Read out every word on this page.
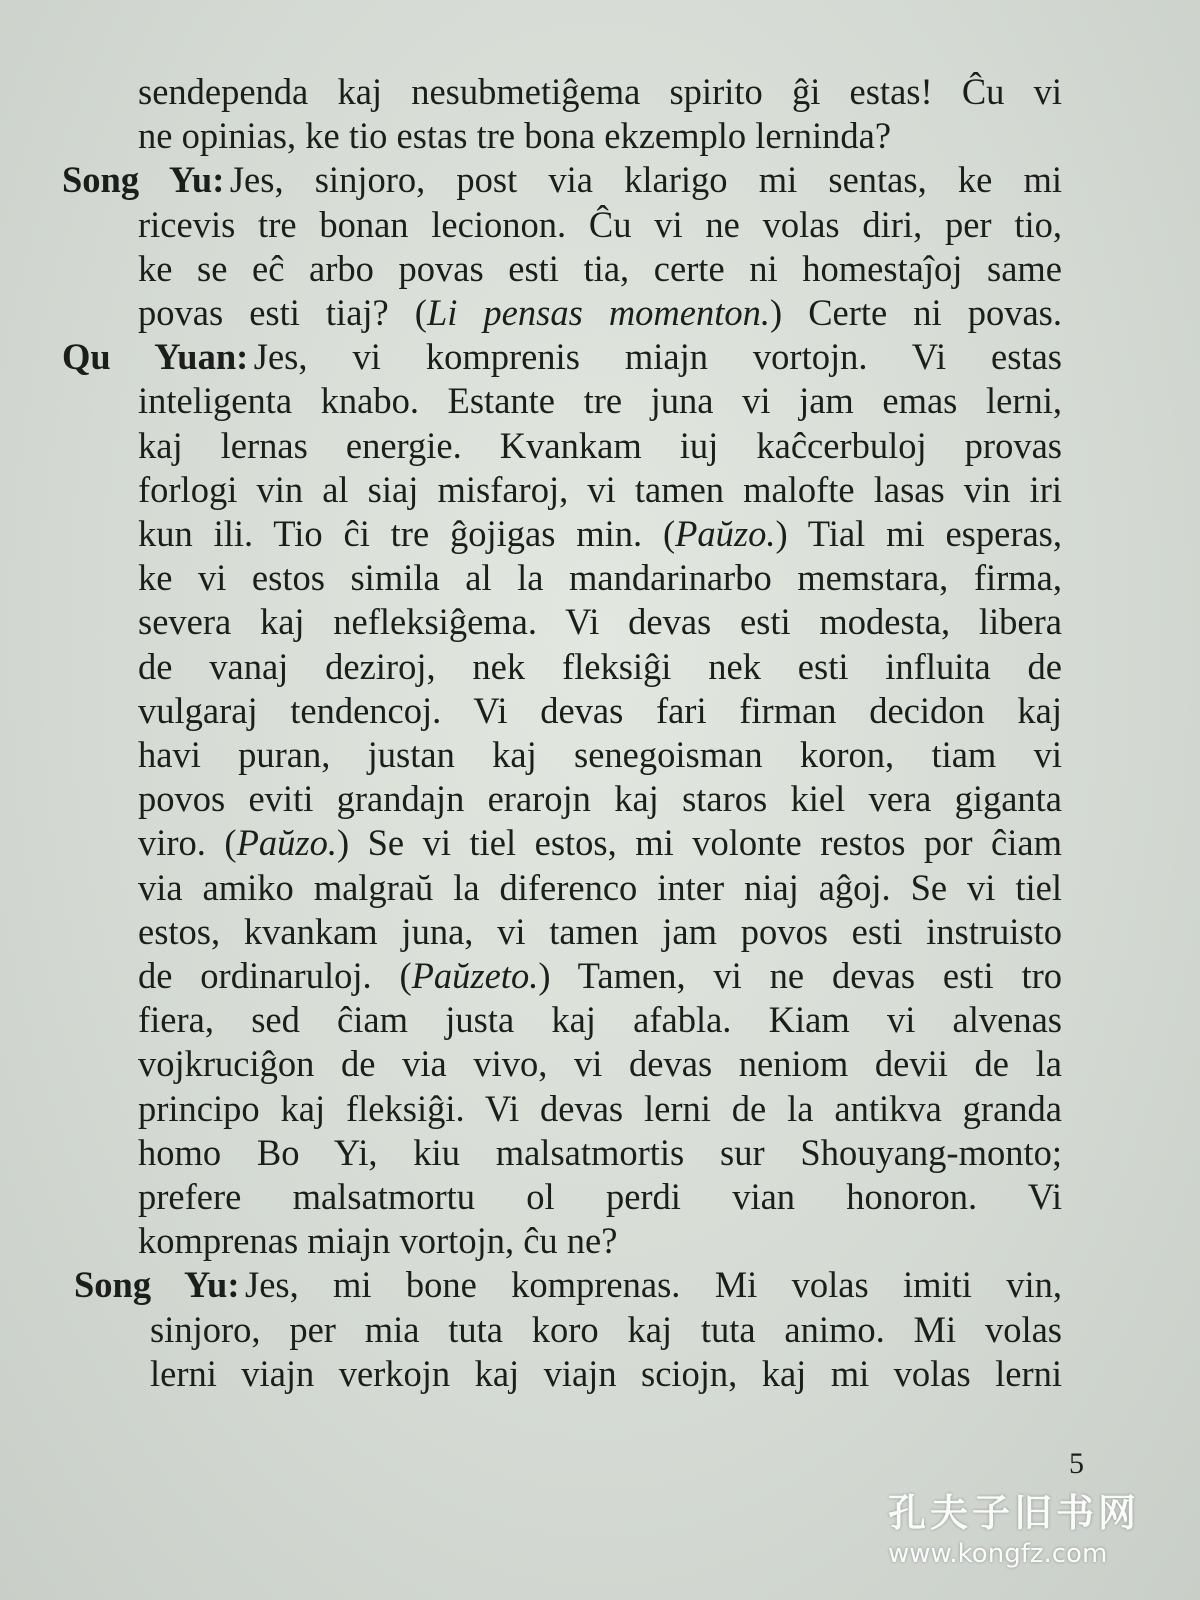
sendependa kaj nesubmetiĝema spirito ĝi estas! Ĉu vi
ne opinias, ke tio estas tre bona ekzemplo lerninda?
Song Yu: Jes, sinjoro, post via klarigo mi sentas, ke mi
ricevis tre bonan lecionon. Ĉu vi ne volas diri, per tio,
ke se eĉ arbo povas esti tia, certe ni homestaĵoj same
povas esti tiaj? (Li pensas momenton.) Certe ni povas.
Qu Yuan: Jes, vi komprenis miajn vortojn. Vi estas
inteligenta knabo. Estante tre juna vi jam emas lerni,
kaj lernas energie. Kvankam iuj kaĉcerbuloj provas
forlogi vin al siaj misfaroj, vi tamen malofte lasas vin iri
kun ili. Tio ĉi tre ĝojigas min. (Paŭzo.) Tial mi esperas,
ke vi estos simila al la mandarinarbo memstara, firma,
severa kaj nefleksiĝema. Vi devas esti modesta, libera
de vanaj deziroj, nek fleksiĝi nek esti influita de
vulgaraj tendencoj. Vi devas fari firman decidon kaj
havi puran, justan kaj senegoisman koron, tiam vi
povos eviti grandajn erarojn kaj staros kiel vera giganta
viro. (Paŭzo.) Se vi tiel estos, mi volonte restos por ĉiam
via amiko malgraŭ la diferenco inter niaj aĝoj. Se vi tiel
estos, kvankam juna, vi tamen jam povos esti instruisto
de ordinaruloj. (Paŭzeto.) Tamen, vi ne devas esti tro
fiera, sed ĉiam justa kaj afabla. Kiam vi alvenas
vojkruciĝon de via vivo, vi devas neniom devii de la
principo kaj fleksiĝi. Vi devas lerni de la antikva granda
homo Bo Yi, kiu malsatmortis sur Shouyang-monto;
prefere malsatmortu ol perdi vian honoron. Vi
komprenas miajn vortojn, ĉu ne?
Song Yu: Jes, mi bone komprenas. Mi volas imiti vin,
sinjoro, per mia tuta koro kaj tuta animo. Mi volas
lerni viajn verkojn kaj viajn sciojn, kaj mi volas lerni
5
孔夫子旧书网
www.kongfz.com
